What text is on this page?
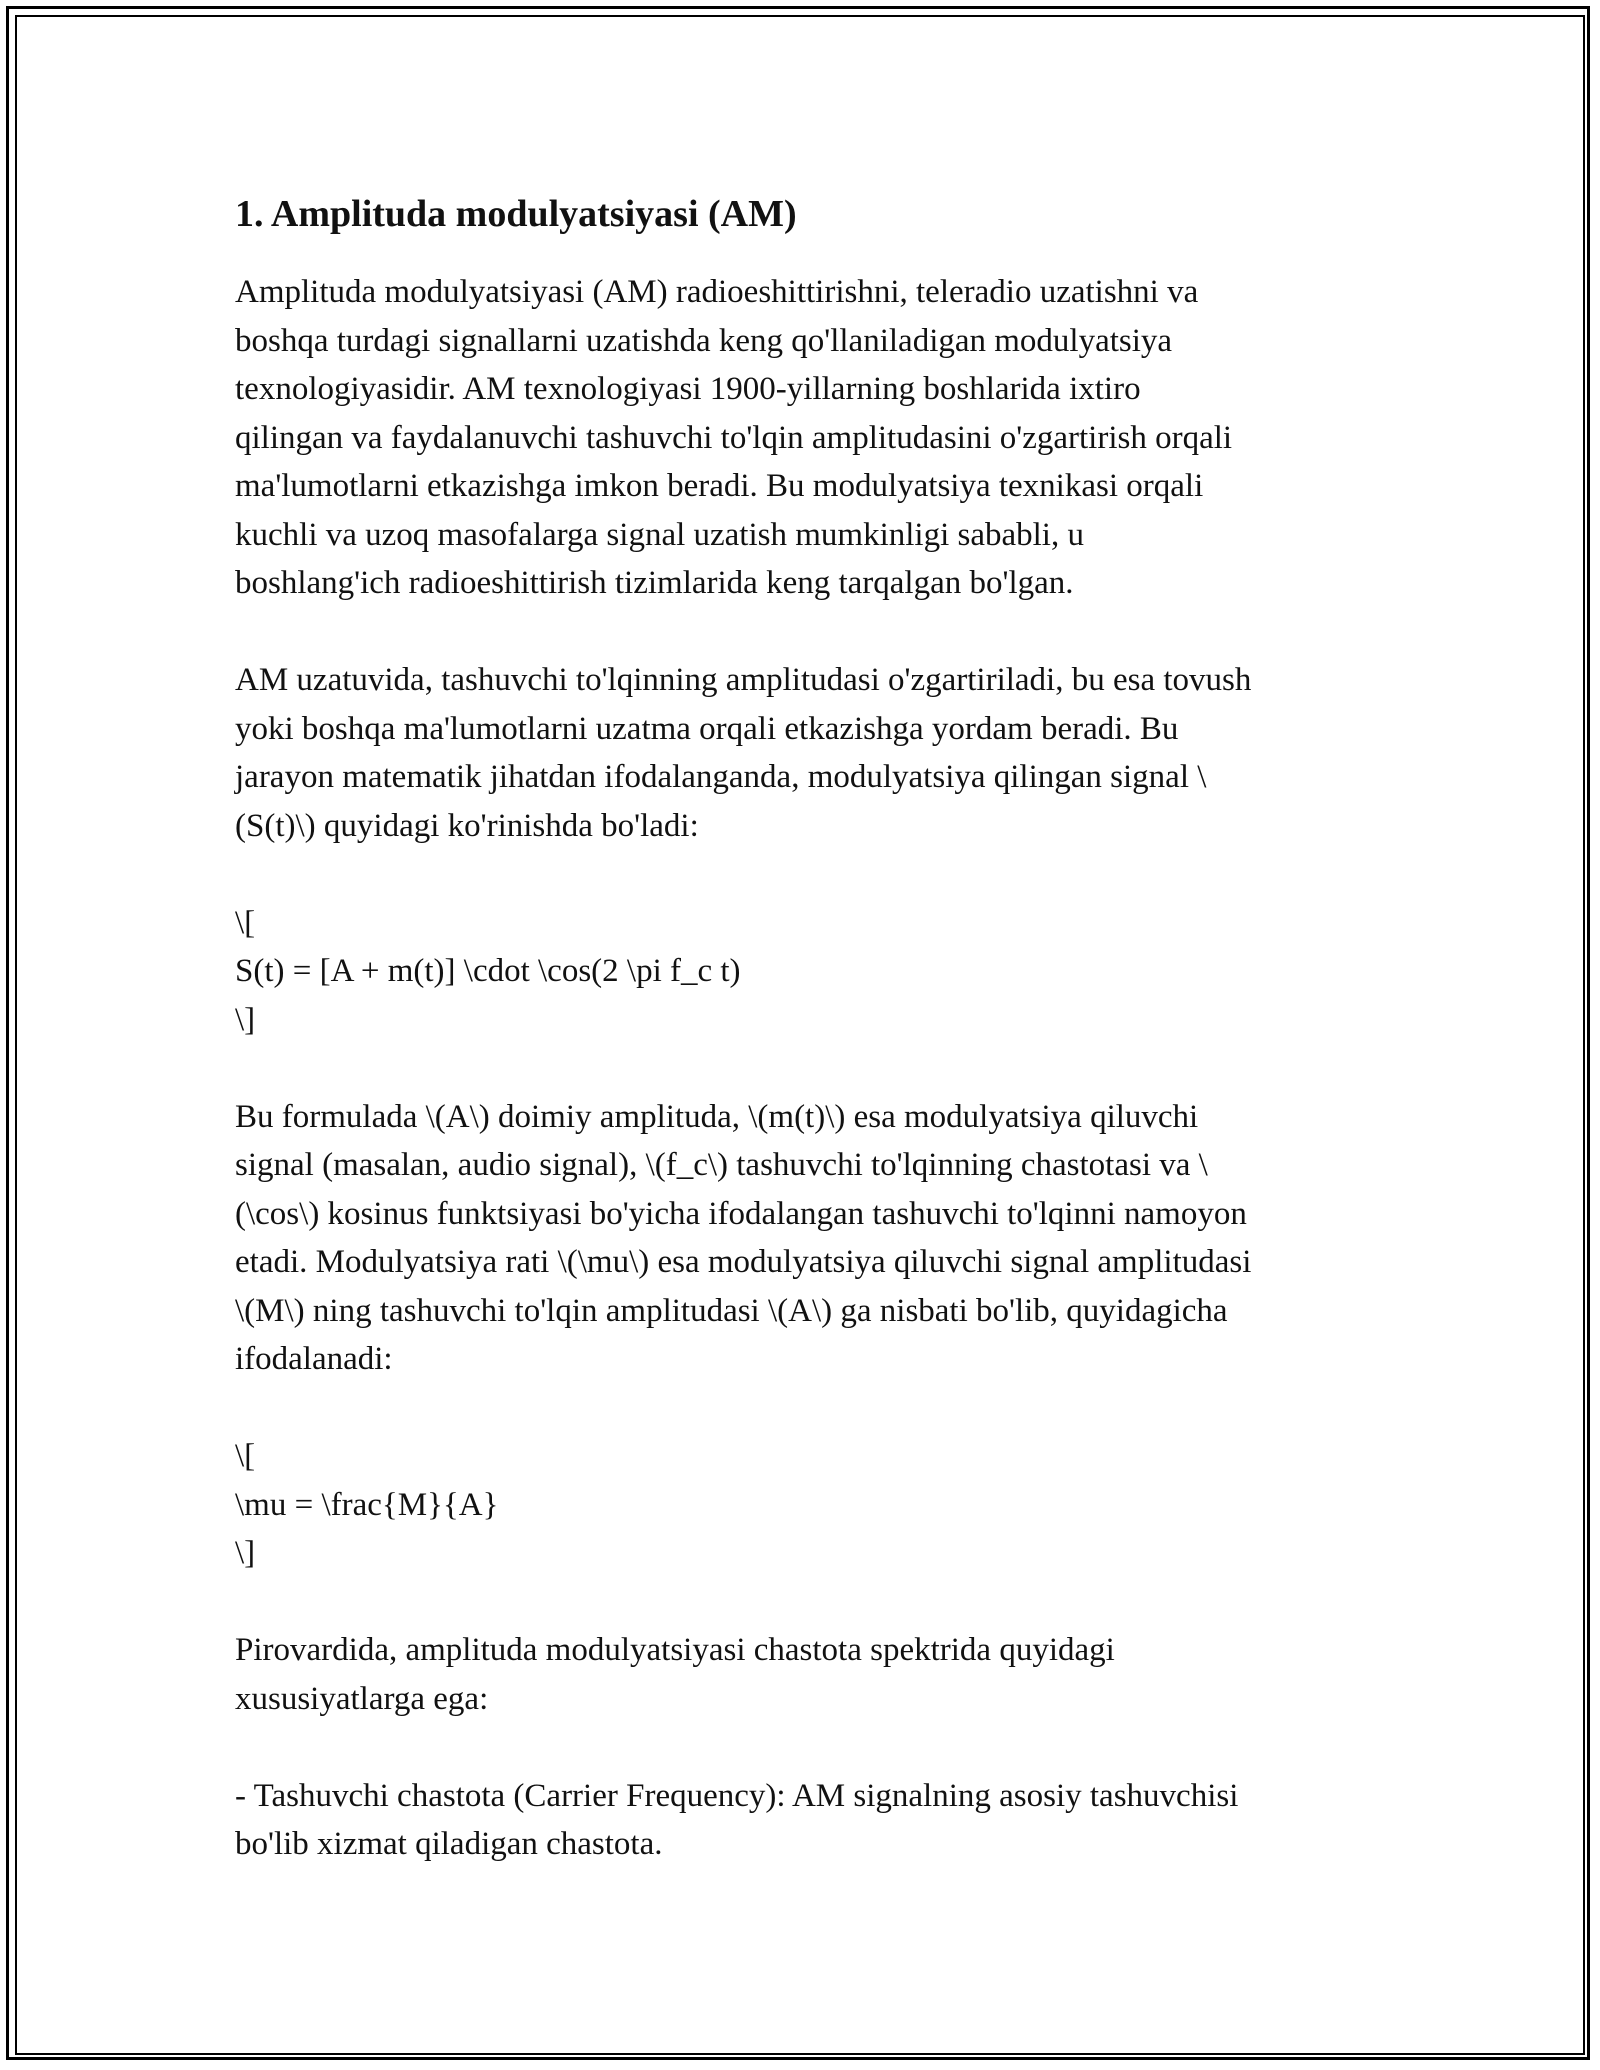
1. Amplituda modulyatsiyasi (AM)

Amplituda modulyatsiyasi (AM) radioeshittirishni, teleradio uzatishni va
boshqa turdagi signallarni uzatishda keng qo'llaniladigan modulyatsiya
texnologiyasidir. AM texnologiyasi 1900-yillarning boshlarida ixtiro
qilingan va faydalanuvchi tashuvchi to'lqin amplitudasini o'zgartirish orqali
ma'lumotlarni etkazishga imkon beradi. Bu modulyatsiya texnikasi orqali
kuchli va uzoq masofalarga signal uzatish mumkinligi sababli, u
boshlang'ich radioeshittirish tizimlarida keng tarqalgan bo'lgan.

AM uzatuvida, tashuvchi to'lqinning amplitudasi o'zgartiriladi, bu esa tovush
yoki boshqa ma'lumotlarni uzatma orqali etkazishga yordam beradi. Bu
jarayon matematik jihatdan ifodalanganda, modulyatsiya qilingan signal \
(S(t)\) quyidagi ko'rinishda bo'ladi:

\[
S(t) = [A + m(t)] \cdot \cos(2 \pi f_c t)
\]

Bu formulada \(A\) doimiy amplituda, \(m(t)\) esa modulyatsiya qiluvchi
signal (masalan, audio signal), \(f_c\) tashuvchi to'lqinning chastotasi va \
(\cos\) kosinus funktsiyasi bo'yicha ifodalangan tashuvchi to'lqinni namoyon
etadi. Modulyatsiya rati \(\mu\) esa modulyatsiya qiluvchi signal amplitudasi
\(M\) ning tashuvchi to'lqin amplitudasi \(A\) ga nisbati bo'lib, quyidagicha
ifodalanadi:

\[
\mu = \frac{M}{A}
\]

Pirovardida, amplituda modulyatsiyasi chastota spektrida quyidagi
xususiyatlarga ega:

- Tashuvchi chastota (Carrier Frequency): AM signalning asosiy tashuvchisi
bo'lib xizmat qiladigan chastota.
